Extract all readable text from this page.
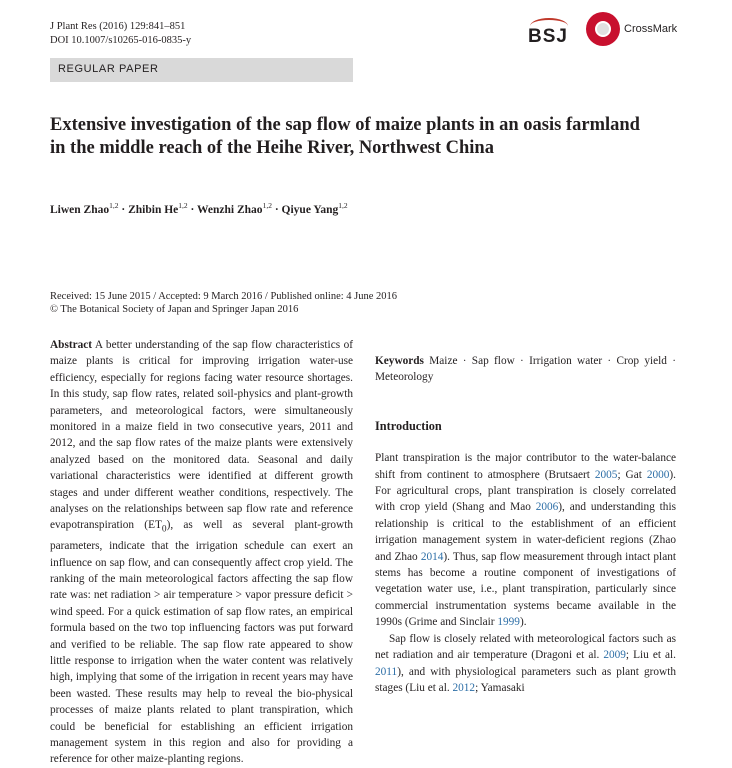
J Plant Res (2016) 129:841–851
DOI 10.1007/s10265-016-0835-y	BSJ	CrossMark
REGULAR PAPER
Extensive investigation of the sap flow of maize plants in an oasis farmland in the middle reach of the Heihe River, Northwest China
Liwen Zhao$^{1,2}$ · Zhibin He$^{1,2}$ · Wenzhi Zhao$^{1,2}$ · Qiyue Yang$^{1,2}$
Received: 15 June 2015 / Accepted: 9 March 2016 / Published online: 4 June 2016
© The Botanical Society of Japan and Springer Japan 2016

Abstract A better understanding of the sap flow characteristics of maize plants is critical for improving irrigation water-use efficiency, especially for regions facing water resource shortages. In this study, sap flow rates, related soil-physics and plant-growth parameters, and meteorological factors, were simultaneously monitored in a maize field in two consecutive years, 2011 and 2012, and the sap flow rates of the maize plants were extensively analyzed based on the monitored data. Seasonal and daily variational characteristics were identified at different growth stages and under different weather conditions, respectively. The analyses on the relationships between sap flow rate and reference evapotranspiration $(ET_0)$, as well as several plant-growth parameters, indicate that the irrigation schedule can exert an influence on sap flow, and can consequently affect crop yield. The ranking of the main meteorological factors affecting the sap flow rate was: net radiation > air temperature > vapor pressure deficit > wind speed. For a quick estimation of sap flow rates, an empirical formula based on the two top influencing factors was put forward and verified to be reliable. The sap flow rate appeared to show little response to irrigation when the water content was relatively high, implying that some of the irrigation in recent years may have been wasted. These results may help to reveal the bio-physical processes of maize plants related to plant transpiration, which could be beneficial for establishing an efficient irrigation management system in this region and also for providing a reference for other maize-planting regions.

Keywords Maize · Sap flow · Irrigation water · Crop yield · Meteorology

Introduction

Plant transpiration is the major contributor to the water-balance shift from continent to atmosphere (Brutsaert 2005; Gat 2000). For agricultural crops, plant transpiration is closely correlated with crop yield (Shang and Mao 2006), and understanding this relationship is critical to the establishment of an efficient irrigation management system in water-deficient regions (Zhao and Zhao 2014). Thus, sap flow measurement through intact plant stems has become a routine component of investigations of vegetation water use, i.e., plant transpiration, particularly since commercial instrumentation systems became available in the 1990s (Grime and Sinclair 1999).

Sap flow is closely related with meteorological factors such as net radiation and air temperature (Dragoni et al. 2009; Liu et al. 2011), and with physiological parameters such as plant growth stages (Liu et al. 2012; Yamasaki
